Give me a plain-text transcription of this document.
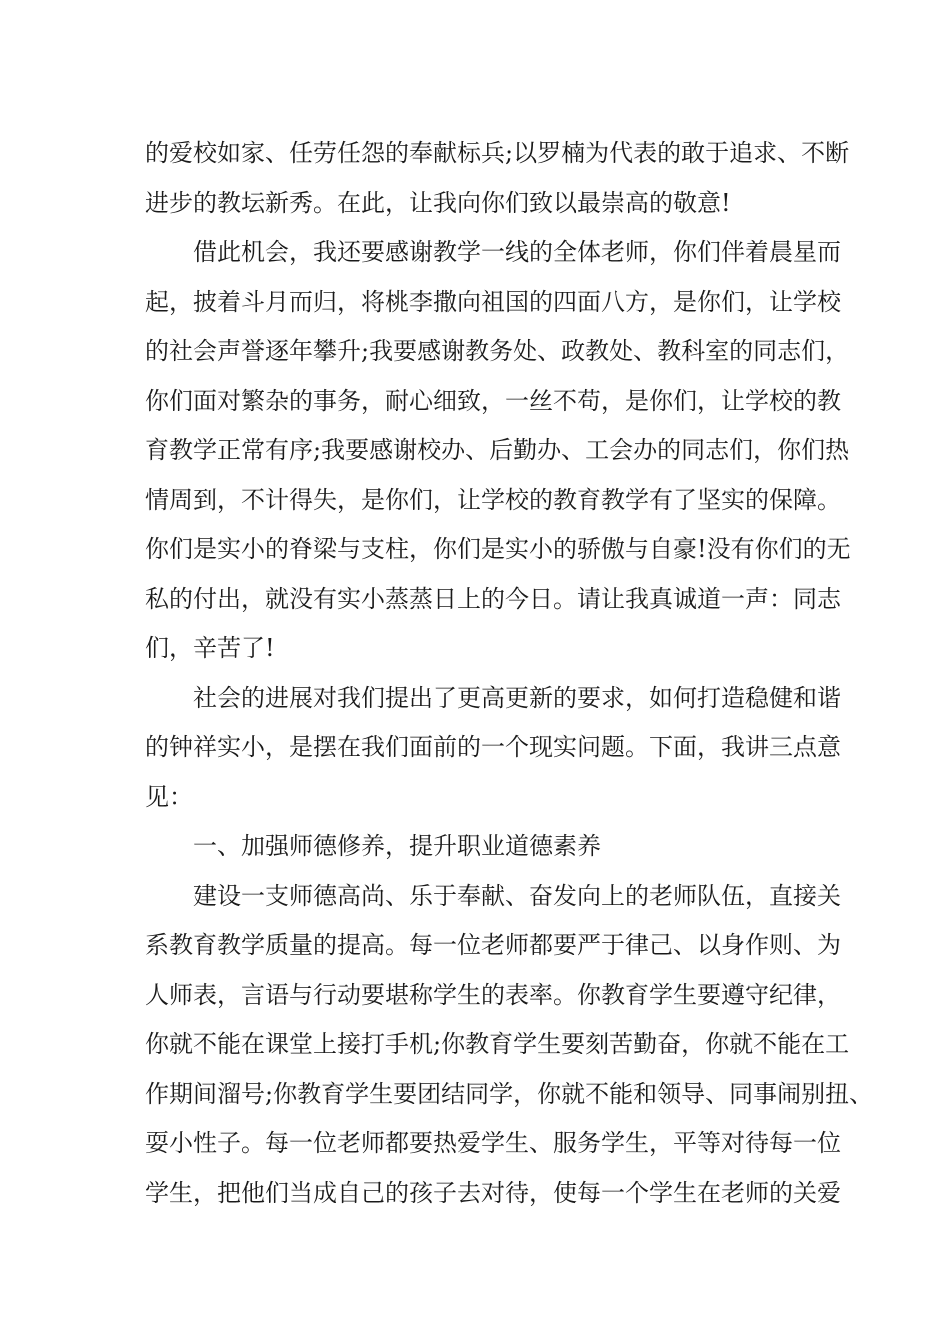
的爱校如家、任劳任怨的奉献标兵;以罗楠为代表的敢于追求、不断
进步的教坛新秀。在此，让我向你们致以最崇高的敬意!
借此机会，我还要感谢教学一线的全体老师，你们伴着晨星而
起，披着斗月而归，将桃李撒向祖国的四面八方，是你们，让学校
的社会声誉逐年攀升;我要感谢教务处、政教处、教科室的同志们，
你们面对繁杂的事务，耐心细致，一丝不苟，是你们，让学校的教
育教学正常有序;我要感谢校办、后勤办、工会办的同志们，你们热
情周到，不计得失，是你们，让学校的教育教学有了坚实的保障。
你们是实小的脊梁与支柱，你们是实小的骄傲与自豪!没有你们的无
私的付出，就没有实小蒸蒸日上的今日。请让我真诚道一声：同志
们，辛苦了!
社会的进展对我们提出了更高更新的要求，如何打造稳健和谐
的钟祥实小，是摆在我们面前的一个现实问题。下面，我讲三点意
见：
一、加强师德修养，提升职业道德素养
建设一支师德高尚、乐于奉献、奋发向上的老师队伍，直接关
系教育教学质量的提高。每一位老师都要严于律己、以身作则、为
人师表，言语与行动要堪称学生的表率。你教育学生要遵守纪律，
你就不能在课堂上接打手机;你教育学生要刻苦勤奋，你就不能在工
作期间溜号;你教育学生要团结同学，你就不能和领导、同事闹别扭、
耍小性子。每一位老师都要热爱学生、服务学生，平等对待每一位
学生，把他们当成自己的孩子去对待，使每一个学生在老师的关爱
